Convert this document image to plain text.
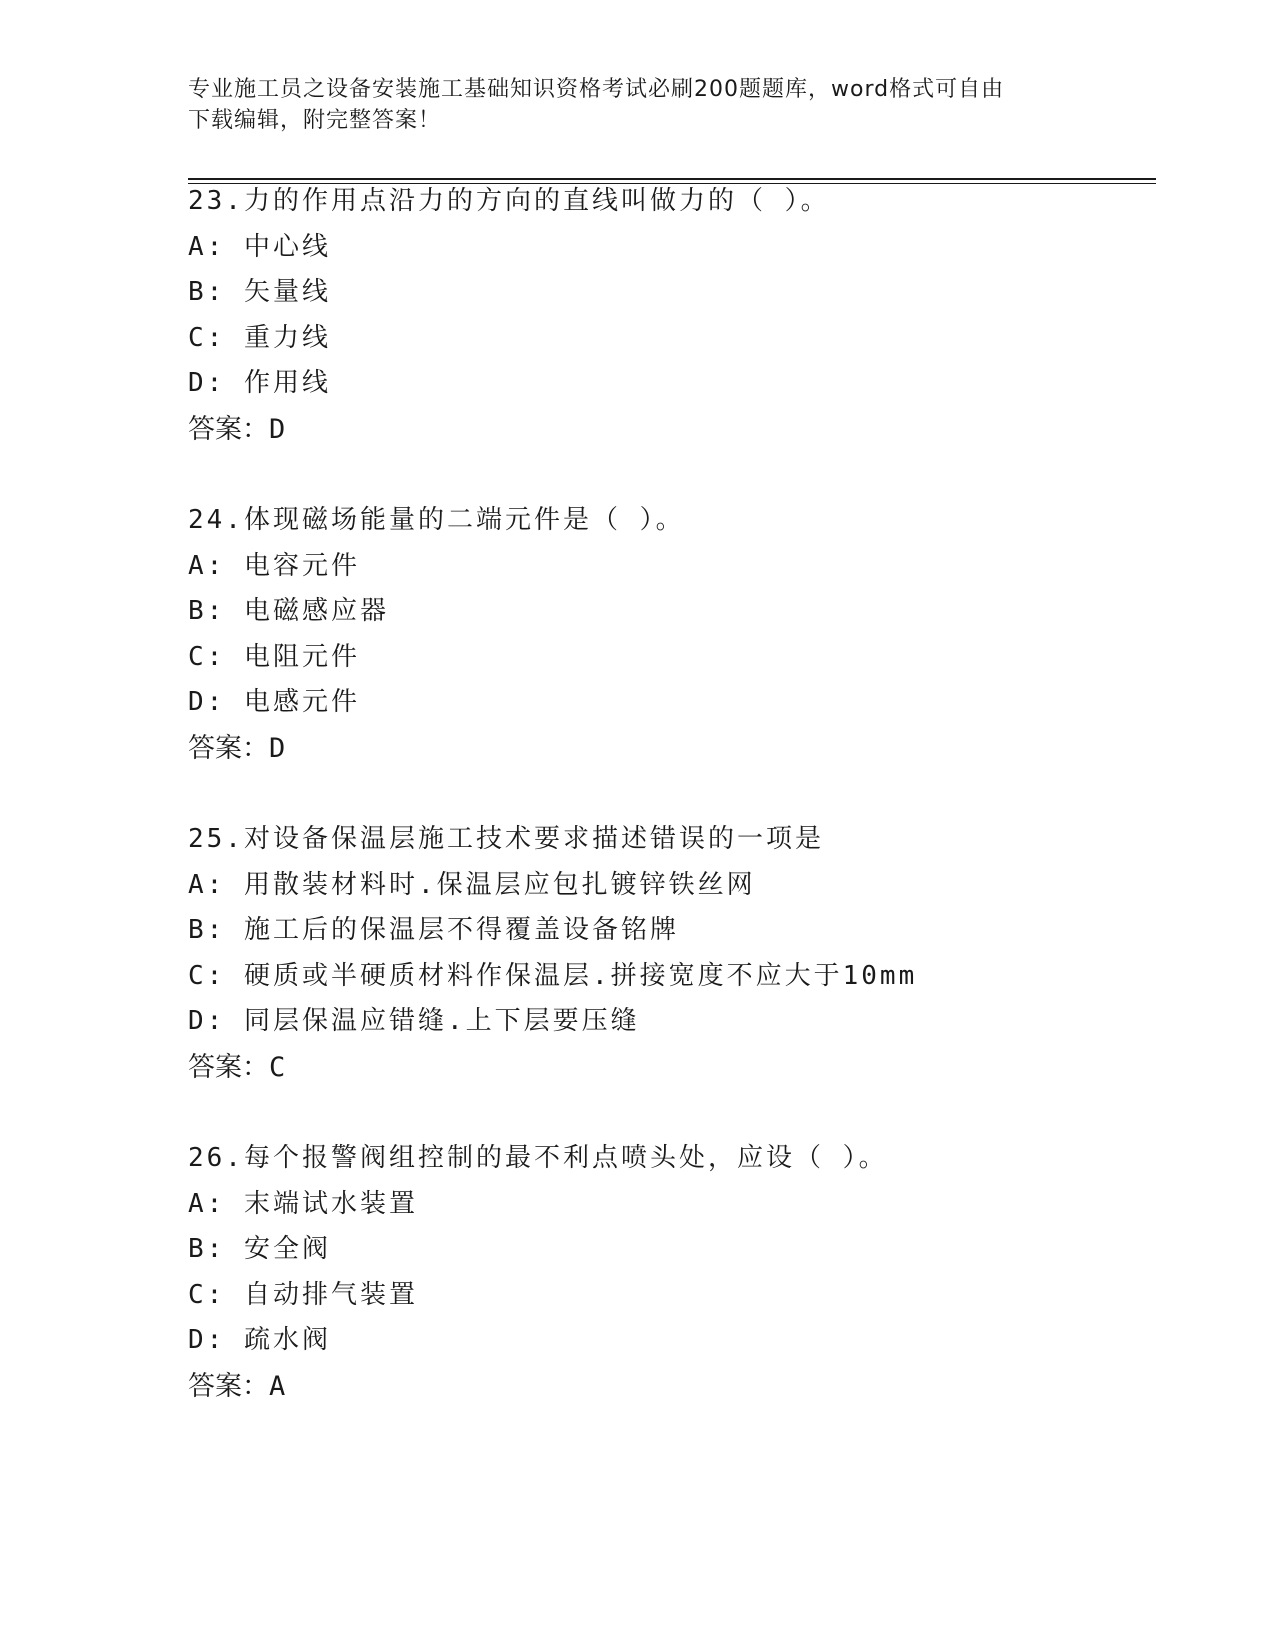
专业施工员之设备安装施工基础知识资格考试必刷200题题库，word格式可自由
下载编辑，附完整答案！
23.力的作用点沿力的方向的直线叫做力的（ ）。
A: 中心线
B: 矢量线
C: 重力线
D: 作用线
答案：D
24.体现磁场能量的二端元件是（ ）。
A: 电容元件
B: 电磁感应器
C: 电阻元件
D: 电感元件
答案：D
25.对设备保温层施工技术要求描述错误的一项是
A: 用散装材料时.保温层应包扎镀锌铁丝网
B: 施工后的保温层不得覆盖设备铭牌
C: 硬质或半硬质材料作保温层.拼接宽度不应大于10mm
D: 同层保温应错缝.上下层要压缝
答案：C
26.每个报警阀组控制的最不利点喷头处，应设（ ）。
A: 末端试水装置
B: 安全阀
C: 自动排气装置
D: 疏水阀
答案：A
